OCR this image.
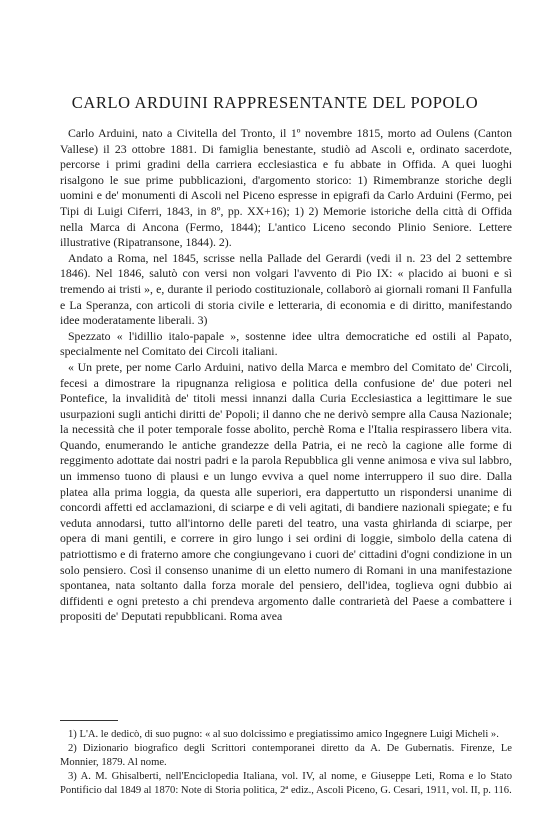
CARLO ARDUINI RAPPRESENTANTE DEL POPOLO

Carlo Arduini, nato a Civitella del Tronto, il 1º novembre 1815, morto ad Oulens (Canton Vallese) il 23 ottobre 1881. Di famiglia benestante, studiò ad Ascoli e, ordinato sacerdote, percorse i primi gradini della carriera ecclesiastica e fu abbate in Offida. A quei luoghi risalgono le sue prime pubblicazioni, d'argomento storico: 1) Rimembranze storiche degli uomini e de' monumenti di Ascoli nel Piceno espresse in epigrafi da Carlo Arduini (Fermo, pei Tipi di Luigi Ciferri, 1843, in 8º, pp. XX+16); 1) 2) Memorie istoriche della città di Offida nella Marca di Ancona (Fermo, 1844); L'antico Liceno secondo Plinio Seniore. Lettere illustrative (Ripatransone, 1844). 2).

Andato a Roma, nel 1845, scrisse nella Pallade del Gerardi (vedi il n. 23 del 2 settembre 1846). Nel 1846, salutò con versi non volgari l'avvento di Pio IX: « placido ai buoni e sì tremendo ai tristi », e, durante il periodo costituzionale, collaborò ai giornali romani Il Fanfulla e La Speranza, con articoli di storia civile e letteraria, di economia e di diritto, manifestando idee moderatamente liberali. 3)

Spezzato « l'idillio italo-papale », sostenne idee ultra democratiche ed ostili al Papato, specialmente nel Comitato dei Circoli italiani.

« Un prete, per nome Carlo Arduini, nativo della Marca e membro del Comitato de' Circoli, fecesi a dimostrare la ripugnanza religiosa e politica della confusione de' due poteri nel Pontefice, la invalidità de' titoli messi innanzi dalla Curia Ecclesiastica a legittimare le sue usurpazioni sugli antichi diritti de' Popoli; il danno che ne derivò sempre alla Causa Nazionale; la necessità che il poter temporale fosse abolito, perchè Roma e l'Italia respirassero libera vita. Quando, enumerando le antiche grandezze della Patria, ei ne recò la cagione alle forme di reggimento adottate dai nostri padri e la parola Repubblica gli venne animosa e viva sul labbro, un immenso tuono di plausi e un lungo evviva a quel nome interruppero il suo dire. Dalla platea alla prima loggia, da questa alle superiori, era dappertutto un rispondersi unanime di concordi affetti ed acclamazioni, di sciarpe e di veli agitati, di bandiere nazionali spiegate; e fu veduta annodarsi, tutto all'intorno delle pareti del teatro, una vasta ghirlanda di sciarpe, per opera di mani gentili, e correre in giro lungo i sei ordini di loggie, simbolo della catena di patriottismo e di fraterno amore che congiungevano i cuori de' cittadini d'ogni condizione in un solo pensiero. Così il consenso unanime di un eletto numero di Romani in una manifestazione spontanea, nata soltanto dalla forza morale del pensiero, dell'idea, toglieva ogni dubbio ai diffidenti e ogni pretesto a chi prendeva argomento dalle contrarietà del Paese a combattere i propositi de' Deputati repubblicani. Roma avea

1) L'A. le dedicò, di suo pugno: « al suo dolcissimo e pregiatissimo amico Ingegnere Luigi Micheli ».

2) Dizionario biografico degli Scrittori contemporanei diretto da A. De Gubernatis. Firenze, Le Monnier, 1879. Al nome.

3) A. M. Ghisalberti, nell'Enciclopedia Italiana, vol. IV, al nome, e Giuseppe Leti, Roma e lo Stato Pontificio dal 1849 al 1870: Note di Storia politica, 2ª ediz., Ascoli Piceno, G. Cesari, 1911, vol. II, p. 116.
